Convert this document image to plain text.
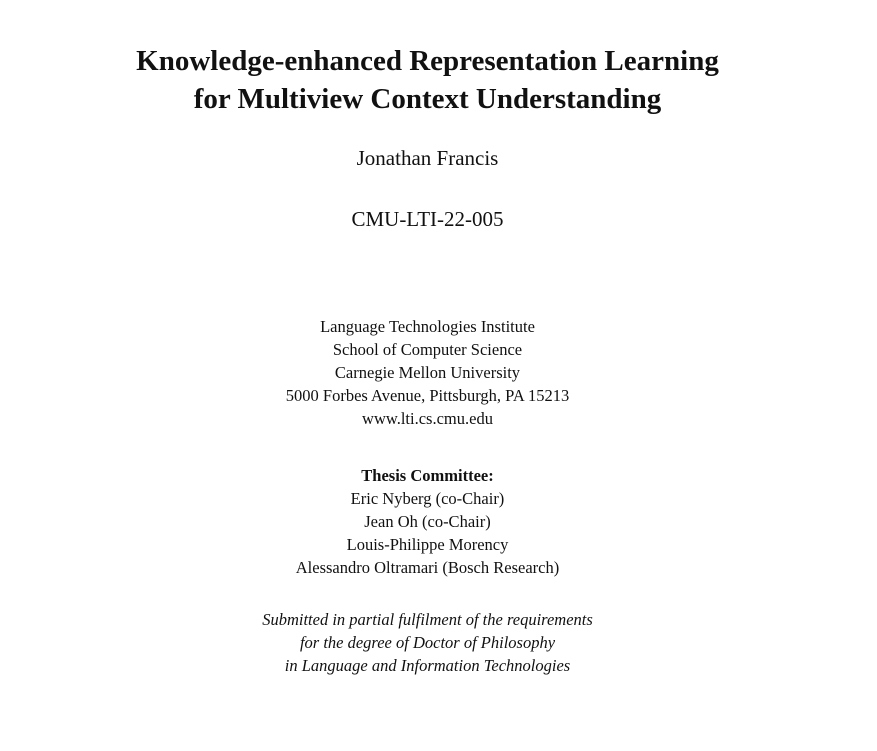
Knowledge-enhanced Representation Learning
for Multiview Context Understanding
Jonathan Francis
CMU-LTI-22-005
Language Technologies Institute
School of Computer Science
Carnegie Mellon University
5000 Forbes Avenue, Pittsburgh, PA 15213
www.lti.cs.cmu.edu
Thesis Committee:
Eric Nyberg (co-Chair)
Jean Oh (co-Chair)
Louis-Philippe Morency
Alessandro Oltramari (Bosch Research)
Submitted in partial fulfilment of the requirements
for the degree of Doctor of Philosophy
in Language and Information Technologies
